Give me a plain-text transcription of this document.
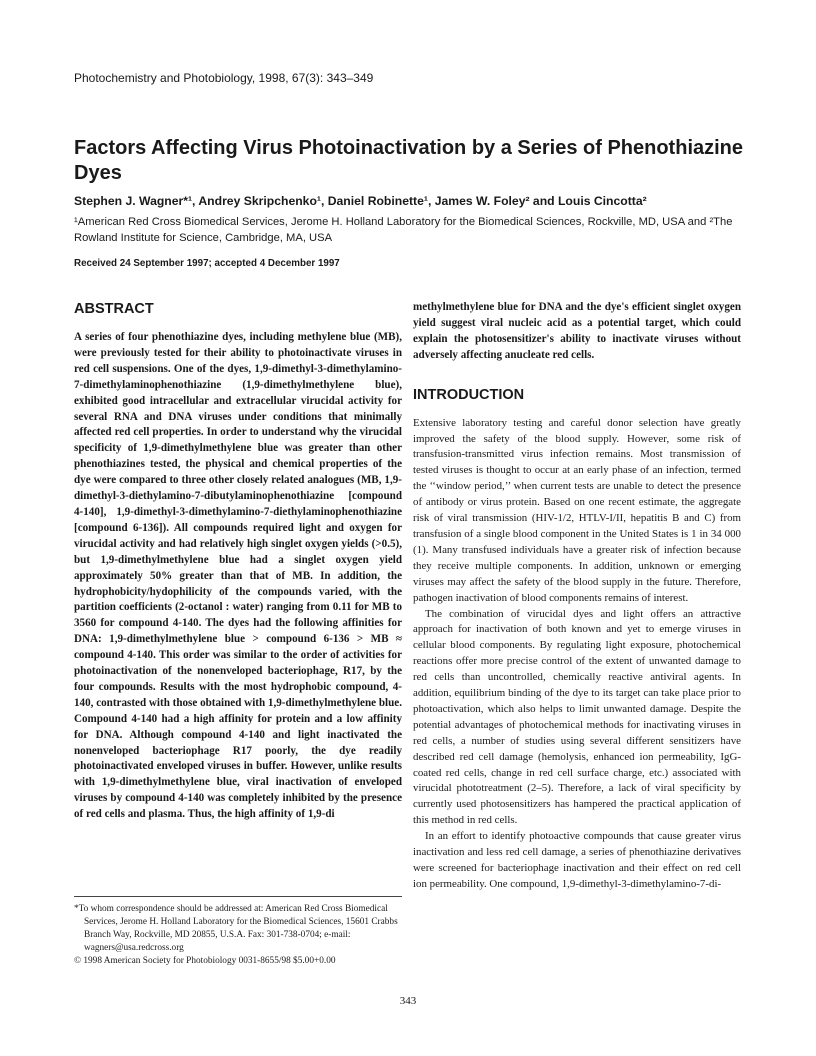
Photochemistry and Photobiology, 1998, 67(3): 343–349
Factors Affecting Virus Photoinactivation by a Series of Phenothiazine Dyes
Stephen J. Wagner*¹, Andrey Skripchenko¹, Daniel Robinette¹, James W. Foley² and Louis Cincotta²
¹American Red Cross Biomedical Services, Jerome H. Holland Laboratory for the Biomedical Sciences, Rockville, MD, USA and ²The Rowland Institute for Science, Cambridge, MA, USA
Received 24 September 1997; accepted 4 December 1997
ABSTRACT

A series of four phenothiazine dyes, including methylene blue (MB), were previously tested for their ability to photoinactivate viruses in red cell suspensions. One of the dyes, 1,9-dimethyl-3-dimethylamino-7-dimethylaminophenothiazine (1,9-dimethylmethylene blue), exhibited good intracellular and extracellular virucidal activity for several RNA and DNA viruses under conditions that minimally affected red cell properties. In order to understand why the virucidal specificity of 1,9-dimethylmethylene blue was greater than other phenothiazines tested, the physical and chemical properties of the dye were compared to three other closely related analogues (MB, 1,9-dimethyl-3-diethylamino-7-dibutylaminophenothiazine [compound 4-140], 1,9-dimethyl-3-dimethylamino-7-diethylaminophenothiazine [compound 6-136]). All compounds required light and oxygen for virucidal activity and had relatively high singlet oxygen yields (>0.5), but 1,9-dimethylmethylene blue had a singlet oxygen yield approximately 50% greater than that of MB. In addition, the hydrophobicity/hydophilicity of the compounds varied, with the partition coefficients (2-octanol : water) ranging from 0.11 for MB to 3560 for compound 4-140. The dyes had the following affinities for DNA: 1,9-dimethylmethylene blue > compound 6-136 > MB ≈ compound 4-140. This order was similar to the order of activities for photoinactivation of the nonenveloped bacteriophage, R17, by the four compounds. Results with the most hydrophobic compound, 4-140, contrasted with those obtained with 1,9-dimethylmethylene blue. Compound 4-140 had a high affinity for protein and a low affinity for DNA. Although compound 4-140 and light inactivated the nonenveloped bacteriophage R17 poorly, the dye readily photoinactivated enveloped viruses in buffer. However, unlike results with 1,9-dimethylmethylene blue, viral inactivation of enveloped viruses by compound 4-140 was completely inhibited by the presence of red cells and plasma. Thus, the high affinity of 1,9-di

methylmethylene blue for DNA and the dye's efficient singlet oxygen yield suggest viral nucleic acid as a potential target, which could explain the photosensitizer's ability to inactivate viruses without adversely affecting anucleate red cells.

INTRODUCTION

Extensive laboratory testing and careful donor selection have greatly improved the safety of the blood supply. However, some risk of transfusion-transmitted virus infection remains. Most transmission of tested viruses is thought to occur at an early phase of an infection, termed the ‘‘window period,’’ when current tests are unable to detect the presence of antibody or virus protein. Based on one recent estimate, the aggregate risk of viral transmission (HIV-1/2, HTLV-I/II, hepatitis B and C) from transfusion of a single blood component in the United States is 1 in 34 000 (1). Many transfused individuals have a greater risk of infection because they receive multiple components. In addition, unknown or emerging viruses may affect the safety of the blood supply in the future. Therefore, pathogen inactivation of blood components remains of interest.

The combination of virucidal dyes and light offers an attractive approach for inactivation of both known and yet to emerge viruses in cellular blood components. By regulating light exposure, photochemical reactions offer more precise control of the extent of unwanted damage to red cells than uncontrolled, chemically reactive antiviral agents. In addition, equilibrium binding of the dye to its target can take place prior to photoactivation, which also helps to limit unwanted damage. Despite the potential advantages of photochemical methods for inactivating viruses in red cells, a number of studies using several different sensitizers have described red cell damage (hemolysis, enhanced ion permeability, IgG-coated red cells, change in red cell surface charge, etc.) associated with virucidal phototreatment (2–5). Therefore, a lack of viral specificity by currently used photosensitizers has hampered the practical application of this method in red cells.

In an effort to identify photoactive compounds that cause greater virus inactivation and less red cell damage, a series of phenothiazine derivatives were screened for bacteriophage inactivation and their effect on red cell ion permeability. One compound, 1,9-dimethyl-3-dimethylamino-7-di-

*To whom correspondence should be addressed at: American Red Cross Biomedical Services, Jerome H. Holland Laboratory for the Biomedical Sciences, 15601 Crabbs Branch Way, Rockville, MD 20855, U.S.A. Fax: 301-738-0704; e-mail: wagners@usa.redcross.org

© 1998 American Society for Photobiology 0031-8655/98 $5.00+0.00

343
